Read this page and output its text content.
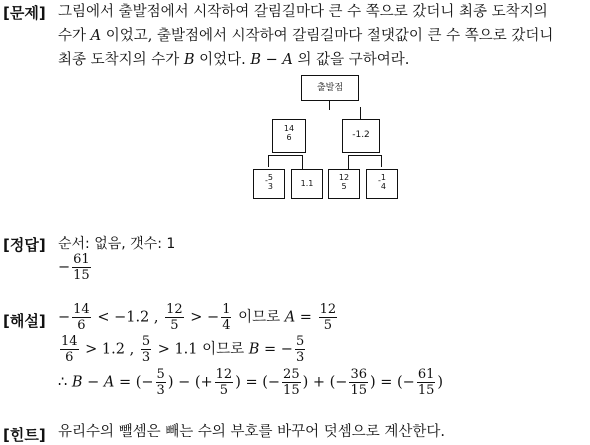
[문제] 그림에서 출발점에서 시작하여 갈림길마다 큰 수 쪽으로 갔더니 최종 도착지의
수가 A 이었고, 출발점에서 시작하여 갈림길마다 절댓값이 큰 수 쪽으로 갔더니
최종 도착지의 수가 B 이었다. B − A 의 값을 구하여라.
출발점
14
6	-1.2
- 5
3	1.1
12
5
- 1
4
[정답] 순서: 없음, 갯수: 1
− $\frac{61}{15}$
[해설] − $\frac{14}{6} < -1.2$ , $\frac{12}{5}$ > − $\frac{1}{4}$ 이므로 $A = \frac{12}{5}$
$\frac{14}{6} > 1.2$ , $\frac{5}{3} > 1.1$ 이므로 B = − $\frac{5}{3}$
∴ B − A = (− $\frac{5}{3}$ ) − (+ $\frac{12}{5}$ ) = (− $\frac{25}{15}$ ) + (− $\frac{36}{15}$ ) = (− $\frac{61}{15}$ )
[힌트] 유리수의 뺄셈은 빼는 수의 부호를 바꾸어 덧셈으로 계산한다.
